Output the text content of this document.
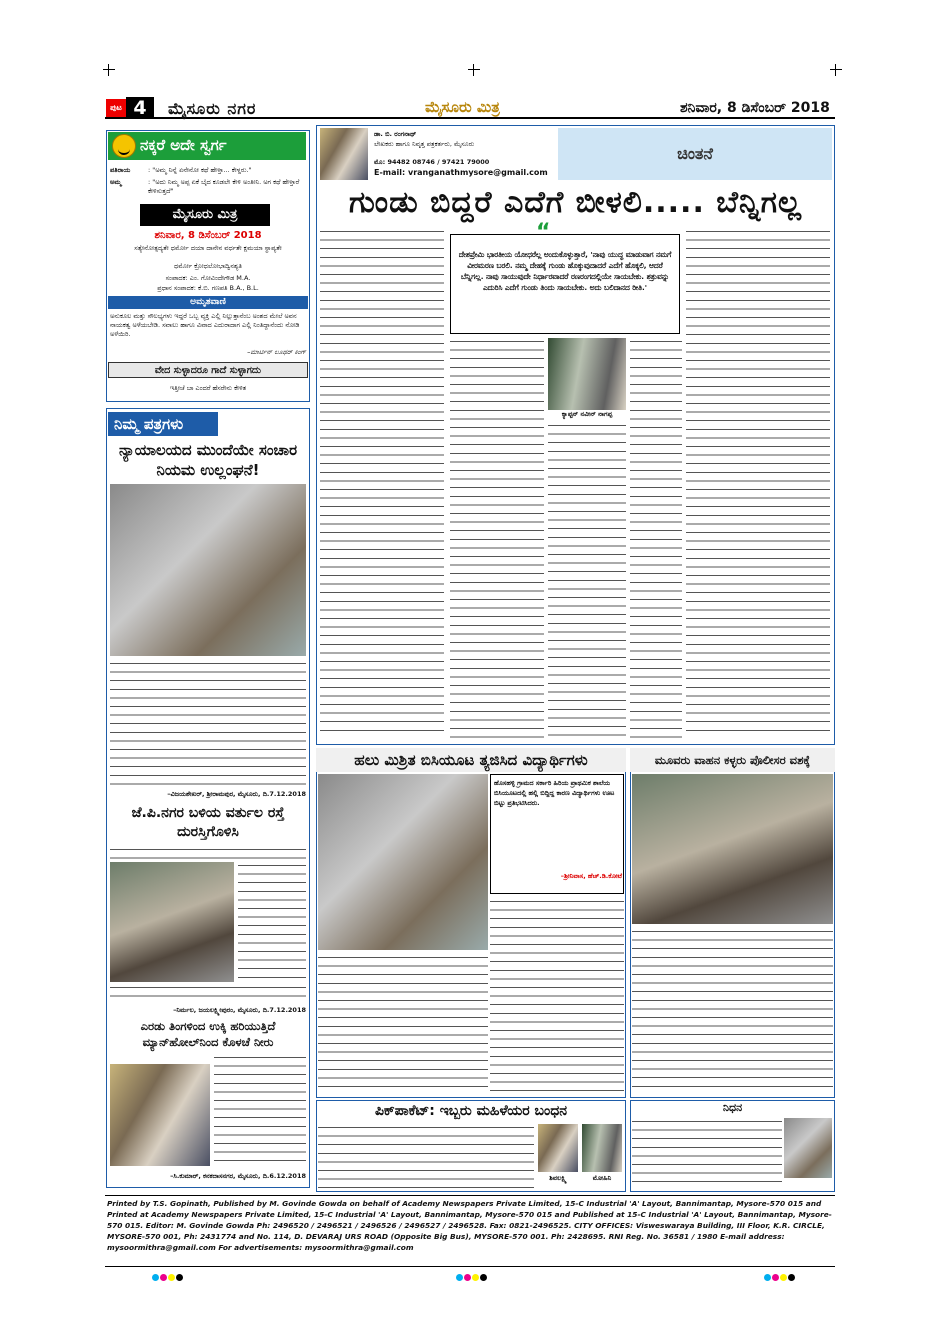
ಪುಟ 4	ಮೈಸೂರು ನಗರ	ಮೈಸೂರು ಮಿತ್ರ	ಶನಿವಾರ, 8 ಡಿಸೆಂಬರ್ 2018
ನಕ್ಕರೆ ಅದೇ ಸ್ವರ್ಗ
ಪತಿರಾಯ	: "ಅಮ್ಮ ನಿನ್ನೆ ಏನೇನೋ ಕಥೆ ಹೇಳ್ತಾ... ಕೇಳ್ದರು."
ಅಮ್ಮ	: "ಅದು ನಿಮ್ಮ ಅಪ್ಪ ಏಕೆ ಬೈದ ಕೂಡಲೇ ಕೇಳಿ ಅಂತೀನಿ. ಅಗ ಕಥೆ ಹೇಳ್ತಾರೆ ಕೇಳಿಸುತ್ತದೆ"
ಮೈಸೂರು ಮಿತ್ರ
ಶನಿವಾರ, 8 ಡಿಸೆಂಬರ್ 2018
ಸತ್ಯೇನೋತ್ಪದ್ಯತೇ ಧರ್ಮೋ ದಯಾ ದಾನೇನ ವರ್ಧತೇ ಕ್ಷಮಯಾ ಸ್ಥಾಪ್ಯತೇ
ಧರ್ಮೋ ಕ್ರೋಧಲೋಭಾದ್ವಿನಶ್ಯತಿ
ಸಂಪಾದಕ: ಎಂ. ಗೋವಿಂದೇಗೌಡ M.A.
ಪ್ರಧಾನ ಸಂಪಾದಕ: ಕೆ.ಬಿ. ಗಣಪತಿ B.A., B.L.
ಅಮೃತವಾಣಿ
ಅನುಕೂಲ ಮತ್ತು ಸೌಲಭ್ಯಗಳು ಇದ್ದರೆ ಒಬ್ಬ ವ್ಯಕ್ತಿ ಎಲ್ಲಿ ನಿಲ್ಲುತ್ತಾನೆಂಬ ಅಂಶದ ಮೇಲೆ ಅವನ ನಾಯಕತ್ವ ಅಳೆಯಬೇಡಿ. ಸವಾಲು ಹಾಗೂ ವಿವಾದ ಎದುರಾದಾಗ ಎಲ್ಲಿ ನಿಂತಿದ್ದಾನೆಂದು ನೋಡಿ ಅಳೆಯಿರಿ.
–ಮಾರ್ಟಿನ್ ಲೂಥರ್ ಕಿಂಗ್
ವೇದ ಸುಳ್ಳಾದರೂ ಗಾದೆ ಸುಳ್ಳಾಗದು
ಇತ್ತೀಚೆ ಬಾ ಎಂದರೆ ಹೆಸರೇನು ಕೇಳಿತ
ನಿಮ್ಮ ಪತ್ರಗಳು
ನ್ಯಾಯಾಲಯದ ಮುಂದೆಯೇ ಸಂಚಾರ ನಿಯಮ ಉಲ್ಲಂಘನೆ!
–ವಿಜಯಶೇಖರ್, ಶ್ರೀರಾಮಪುರ, ಮೈಸೂರು, ದಿ.7.12.2018
ಜೆ.ಪಿ.ನಗರ ಬಳಿಯ ವರ್ತುಲ ರಸ್ತೆ ದುರಸ್ತಿಗೊಳಿಸಿ
–ನಿರ್ಮಲ, ಜಯಲಕ್ಷ್ಮೀಪುರಂ, ಮೈಸೂರು, ದಿ.7.12.2018
ಎರಡು ತಿಂಗಳಿಂದ ಉಕ್ಕಿ ಹರಿಯುತ್ತಿದೆ ಮ್ಯಾನ್‌ಹೋಲ್‌ನಿಂದ ಕೊಳಚೆ ನೀರು
–ಸಿ.ಕುಮಾರ್, ಕನಕದಾಸನಗರ, ಮೈಸೂರು, ದಿ.6.12.2018
ಡಾ. ಬಿ. ರಂಗನಾಥ್
ಲೇಖಕರು ಹಾಗೂ ನಿವೃತ್ತ ಪತ್ರಕರ್ತರು, ಮೈಸೂರು
ಮೊ: 94482 08746 / 97421 79000
E-mail: vranganathmysore@gmail.com
ಚಿಂತನೆ
ಗುಂಡು ಬಿದ್ದರೆ ಎದೆಗೆ ಬೀಳಲಿ..... ಬೆನ್ನಿಗಲ್ಲ
ದೇಶಪ್ರೇಮಿ ಭಾರತೀಯ ಯೋಧರೆಲ್ಲ ಅಂದುಕೊಳ್ಳುತ್ತಾರೆ, 'ನಾವು ಯುದ್ಧ ಮಾಡುವಾಗ ನಮಗೆ ವೀರಮರಣ ಬರಲಿ. ನಮ್ಮ ದೇಹಕ್ಕೆ ಗುಂಡು ಹೊಕ್ಕುವುದಾದರೆ ಎದೆಗೆ ಹೊಕ್ಕಲಿ, ಆದರೆ ಬೆನ್ನಿಗಲ್ಲ. ನಾವು ಸಾಯುವುದೇ ನಿರ್ಧಾರವಾದರೆ ರಣರಂಗದಲ್ಲಿಯೇ ಸಾಯಬೇಕು. ಶತ್ರುವನ್ನು ಎದುರಿಸಿ ಎದೆಗೆ ಗುಂಡು ತಿಂದು ಸಾಯಬೇಕು. ಅದು ಬಲಿದಾನದ ರೀತಿ.'
“
ಕ್ಯಾಪ್ಟನ್ ನವೀನ್ ನಾಗಪ್ಪ
ಹಲು ಮಿಶ್ರಿತ ಬಿಸಿಯೂಟ ತ್ಯಜಿಸಿದ ವಿದ್ಯಾರ್ಥಿಗಳು
ಹೊಸಹಳ್ಳಿ ಗ್ರಾಮದ ಸರ್ಕಾರಿ ಹಿರಿಯ ಪ್ರಾಥಮಿಕ ಶಾಲೆಯ ಬಿಸಿಯೂಟದಲ್ಲಿ ಹಲ್ಲಿ ಬಿದ್ದಿದ್ದ ಕಾರಣ ವಿದ್ಯಾರ್ಥಿಗಳು ಊಟ ಬಿಟ್ಟು ಪ್ರತಿಭಟಿಸಿದರು.
–ಶ್ರೀನಿವಾಸ, ಹೆಚ್.ಡಿ.ಕೋಟೆ
ಮೂವರು ವಾಹನ ಕಳ್ಳರು ಪೊಲೀಸರ ವಶಕ್ಕೆ
ಪಿಕ್‌ಪಾಕೆಟ್: ಇಬ್ಬರು ಮಹಿಳೆಯರ ಬಂಧನ
ಶಿವಲಕ್ಷ್ಮಿ	ಮೋಹಿನಿ
ನಿಧನ
Printed by T.S. Gopinath, Published by M. Govinde Gowda on behalf of Academy Newspapers Private Limited, 15-C Industrial 'A' Layout, Bannimantap, Mysore-570 015 and Printed at Academy Newspapers Private Limited, 15-C Industrial 'A' Layout, Bannimantap, Mysore-570 015 and Published at 15-C Industrial 'A' Layout, Bannimantap, Mysore-570 015. Editor: M. Govinde Gowda Ph: 2496520 / 2496521 / 2496526 / 2496527 / 2496528. Fax: 0821-2496525. CITY OFFICES: Visweswaraya Building, III Floor, K.R. CIRCLE, MYSORE-570 001, Ph: 2431774 and No. 114, D. DEVARAJ URS ROAD (Opposite Big Bus), MYSORE-570 001. Ph: 2428695. RNI Reg. No. 36581 / 1980 E-mail address: mysoormithra@gmail.com For advertisements: mysoormithra@gmail.com
